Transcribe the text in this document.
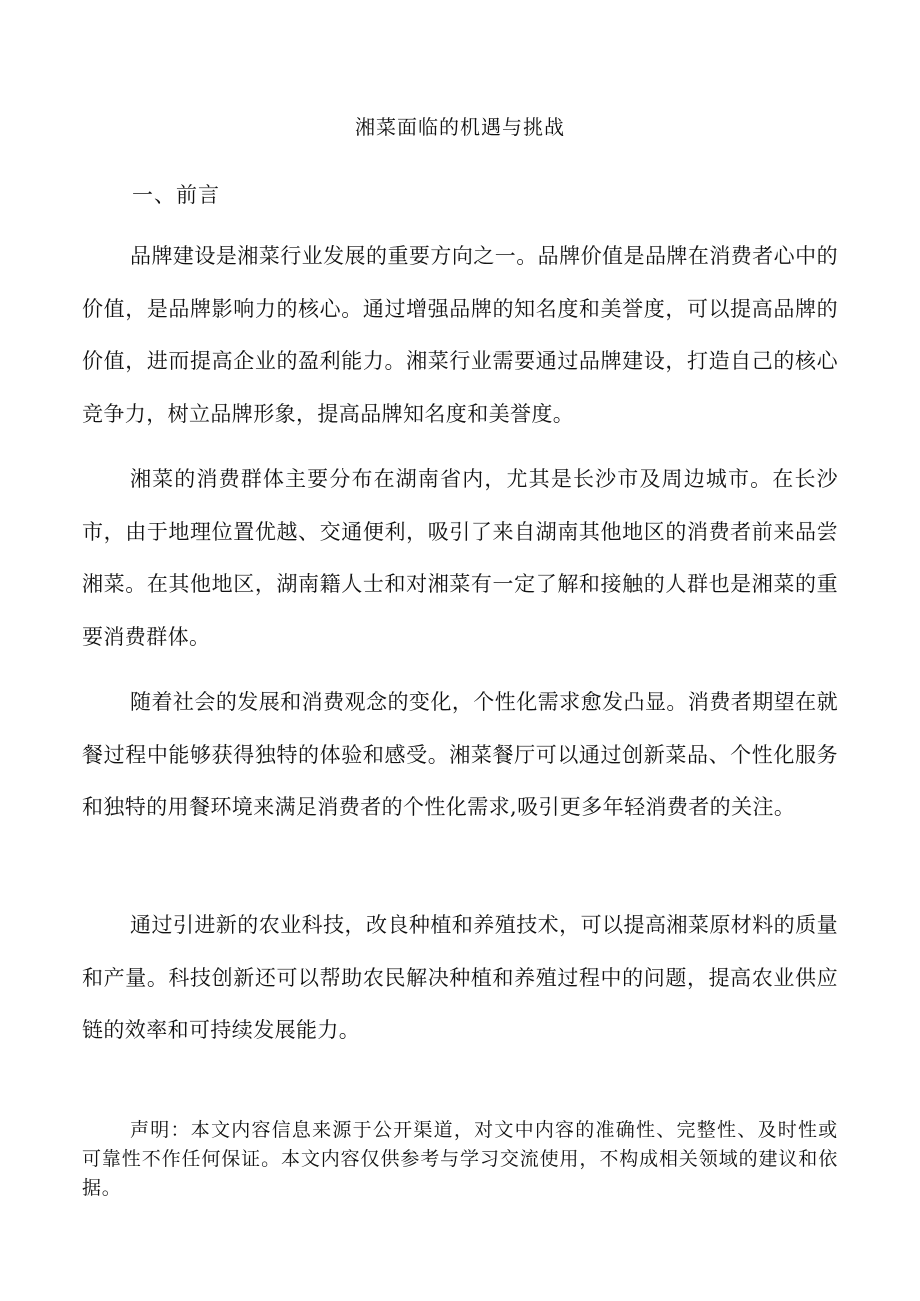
湘菜面临的机遇与挑战
一、前言

品牌建设是湘菜行业发展的重要方向之一。品牌价值是品牌在消费者心中的价值，是品牌影响力的核心。通过增强品牌的知名度和美誉度，可以提高品牌的价值，进而提高企业的盈利能力。湘菜行业需要通过品牌建设，打造自己的核心竞争力，树立品牌形象，提高品牌知名度和美誉度。

湘菜的消费群体主要分布在湖南省内，尤其是长沙市及周边城市。在长沙市，由于地理位置优越、交通便利，吸引了来自湖南其他地区的消费者前来品尝湘菜。在其他地区，湖南籍人士和对湘菜有一定了解和接触的人群也是湘菜的重要消费群体。

随着社会的发展和消费观念的变化，个性化需求愈发凸显。消费者期望在就餐过程中能够获得独特的体验和感受。湘菜餐厅可以通过创新菜品、个性化服务和独特的用餐环境来满足消费者的个性化需求,吸引更多年轻消费者的关注。

通过引进新的农业科技，改良种植和养殖技术，可以提高湘菜原材料的质量和产量。科技创新还可以帮助农民解决种植和养殖过程中的问题，提高农业供应链的效率和可持续发展能力。

声明：本文内容信息来源于公开渠道，对文中内容的准确性、完整性、及时性或可靠性不作任何保证。本文内容仅供参考与学习交流使用，不构成相关领域的建议和依据。
